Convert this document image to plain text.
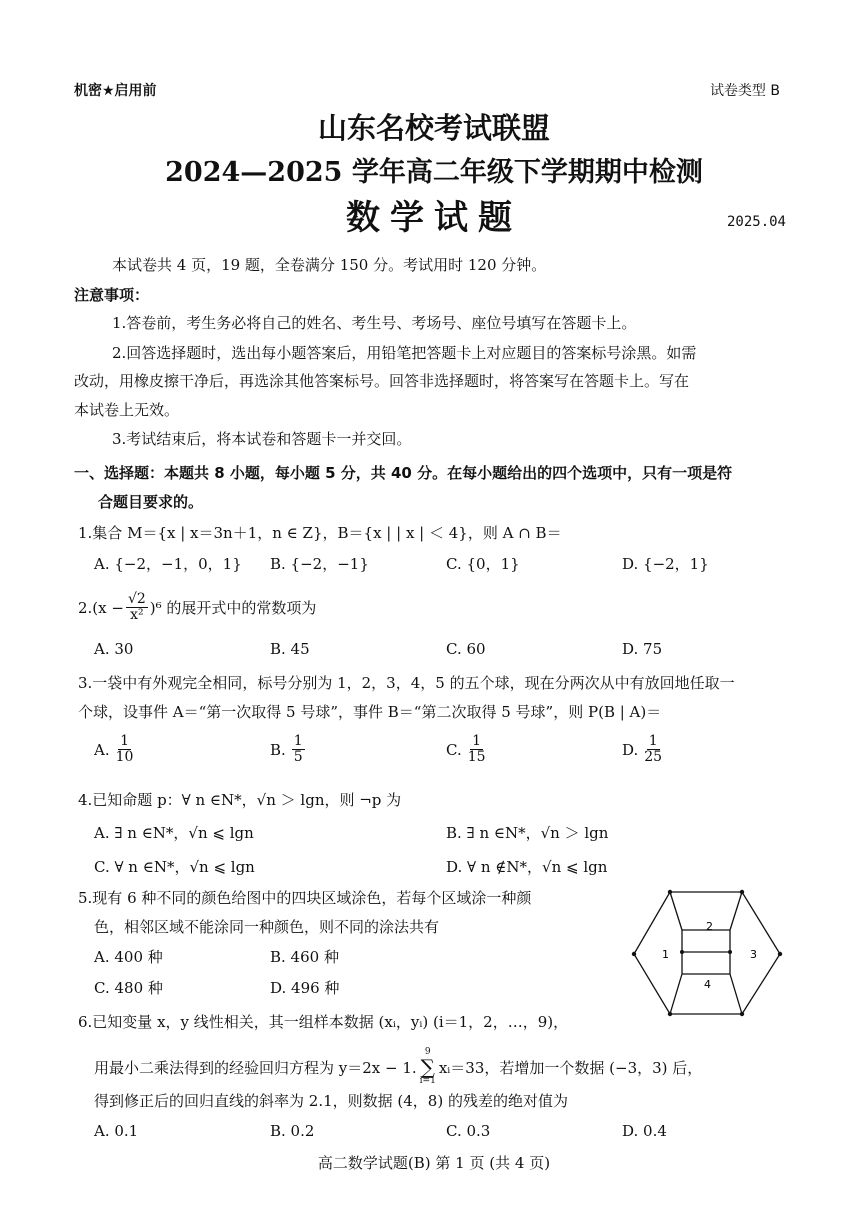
机密★启用前	试卷类型 B
山东名校考试联盟
2024—2025 学年高二年级下学期期中检测
数学试题	2025.04
本试卷共 4 页，19 题，全卷满分 150 分。考试用时 120 分钟。
注意事项：
1.答卷前，考生务必将自己的姓名、考生号、考场号、座位号填写在答题卡上。
2.回答选择题时，选出每小题答案后，用铅笔把答题卡上对应题目的答案标号涂黑。如需
改动，用橡皮擦干净后，再选涂其他答案标号。回答非选择题时，将答案写在答题卡上。写在
本试卷上无效。
3.考试结束后，将本试卷和答题卡一并交回。
一、选择题：本题共 8 小题，每小题 5 分，共 40 分。在每小题给出的四个选项中，只有一项是符
合题目要求的。
1.集合 M＝{x | x＝3n＋1，n ∈ Z}，B＝{x | | x | ＜ 4}，则 A ∩ B＝
A. {−2，−1，0，1} B. {−2，−1}	C. {0，1}	D. {−2，1}
$2.(x - \frac{√2}{\text{x²}} )^6$ 的展开式中的常数项为
A. 30	B. 45	C. 60	D. 75
3.一袋中有外观完全相同，标号分别为 1，2，3，4，5 的五个球，现在分两次从中有放回地任取一
个球，设事件 A＝“第一次取得 5 号球”，事件 B＝“第二次取得 5 号球”，则 P(B | A)＝
A. $\frac{1}{10}$	B. $\frac{1}{5}$	C. $\frac{1}{15}$	D. $\frac{1}{25}$
4.已知命题 p：∀ n ∈N*，√n ＞ lgn，则 ¬p 为
A. ∃ n ∈N*，√n ⩽ lgn	B. ∃ n ∈N*，√n ＞ lgn
C. ∀ n ∈N*，√n ⩽ lgn	D. ∀ n ∉N*，√n ⩽ lgn
5.现有 6 种不同的颜色给图中的四块区域涂色，若每个区域涂一种颜
色，相邻区域不能涂同一种颜色，则不同的涂法共有
A. 400 种	B. 460 种
C. 480 种	D. 496 种
1
2
3
4
6.已知变量 x，y 线性相关，其一组样本数据 (xᵢ，yᵢ) (i＝1，2，…，9)，
用最小二乘法得到的经验回归方程为 y＝2x − 1.
9
∑
i=1
xᵢ＝33，若增加一个数据 (−3，3) 后，
得到修正后的回归直线的斜率为 2.1，则数据 (4，8) 的残差的绝对值为
A. 0.1	B. 0.2	C. 0.3	D. 0.4
高二数学试题(B) 第 1 页 (共 4 页)
